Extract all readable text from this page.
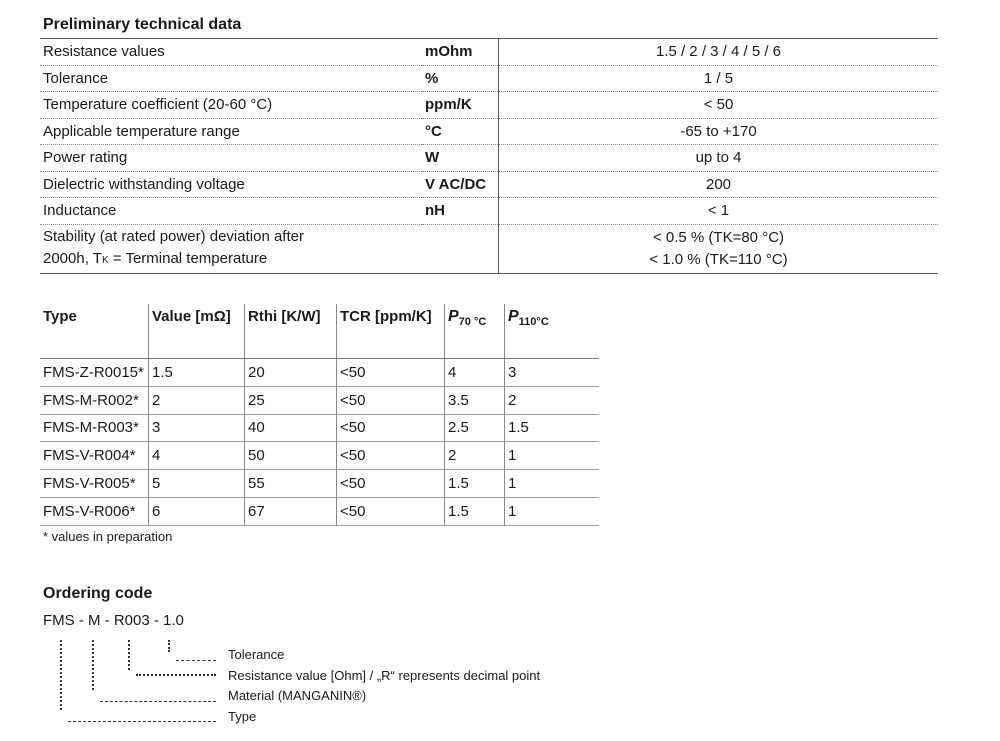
Preliminary technical data
Resistance values	mOhm	1.5 / 2 / 3 / 4 / 5 / 6
Tolerance	%	1 / 5
Temperature coefficient (20-60 °C)	ppm/K	< 50
Applicable temperature range	°C	-65 to +170
Power rating	W	up to 4
Dielectric withstanding voltage	V AC/DC	200
Inductance	nH	< 1

Stability (at rated power) deviation after
2000h, TK = Terminal temperature		< 0.5 % (TK=80 °C)
< 1.0 % (TK=110 °C)
Type	Value [mΩ]	Rthi [K/W]	TCR [ppm/K]	$P_{70 ^\circ C}$	$P_{110^\circ C}$
FMS-Z-R0015*	1.5	20	<50	4	3
FMS-M-R002*	2	25	<50	3.5	2
FMS-M-R003*	3	40	<50	2.5	1.5
FMS-V-R004*	4	50	<50	2	1
FMS-V-R005*	5	55	<50	1.5	1
FMS-V-R006*	6	67	<50	1.5	1
* values in preparation
Ordering code
FMS - M - R003 - 1.0
Tolerance
Resistance value [Ohm] / „R“ represents decimal point
Material (MANGANIN®)
Type
